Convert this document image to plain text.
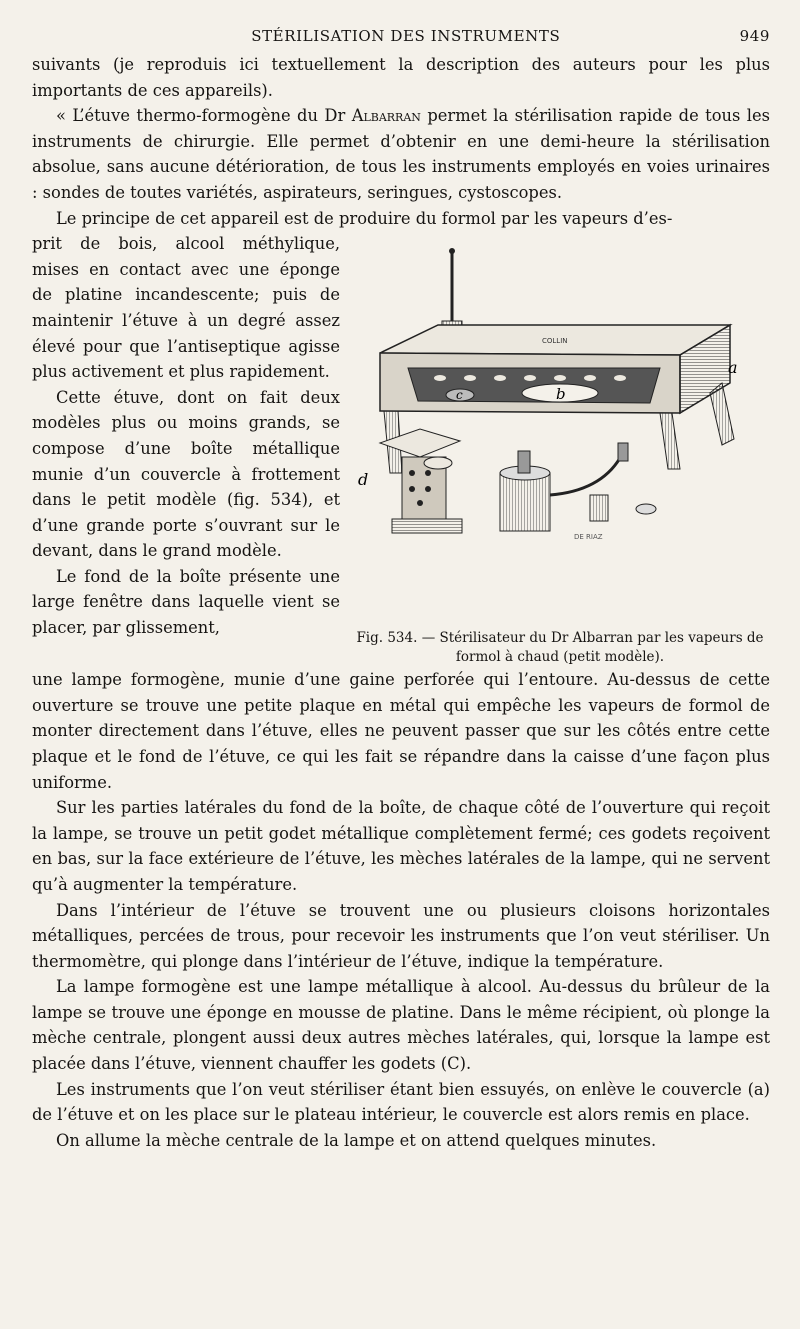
STÉRILISATION DES INSTRUMENTS	949

suivants (je reproduis ici textuellement la description des auteurs pour les plus importants de ces appareils).

« L’étuve thermo-formogène du Dr Albarran permet la stérilisation rapide de tous les instruments de chirurgie. Elle permet d’obtenir en une demi-heure la stérilisation absolue, sans aucune détérioration, de tous les instruments employés en voies urinaires : sondes de toutes variétés, aspirateurs, seringues, cystoscopes.

Le principe de cet appareil est de produire du formol par les vapeurs d’es-

prit de bois, alcool méthylique, mises en contact avec une éponge de platine incandescente; puis de maintenir l’étuve à un degré assez élevé pour que l’antiseptique agisse plus activement et plus rapidement.

Cette étuve, dont on fait deux modèles plus ou moins grands, se compose d’une boîte métallique munie d’un couvercle à frottement dans le petit modèle (fig. 534), et d’une grande porte s’ouvrant sur le devant, dans le grand modèle.

Le fond de la boîte présente une large fenêtre dans laquelle vient se placer, par glissement,

COLLIN
a
b
c
d
DE RIAZ
Fig. 534. — Stérilisateur du Dr Albarran par les vapeurs de formol à chaud (petit modèle).

une lampe formogène, munie d’une gaine perforée qui l’entoure. Au-dessus de cette ouverture se trouve une petite plaque en métal qui empêche les vapeurs de formol de monter directement dans l’étuve, elles ne peuvent passer que sur les côtés entre cette plaque et le fond de l’étuve, ce qui les fait se répandre dans la caisse d’une façon plus uniforme.

Sur les parties latérales du fond de la boîte, de chaque côté de l’ouverture qui reçoit la lampe, se trouve un petit godet métallique complètement fermé; ces godets reçoivent en bas, sur la face extérieure de l’étuve, les mèches latérales de la lampe, qui ne servent qu’à augmenter la température.

Dans l’intérieur de l’étuve se trouvent une ou plusieurs cloisons horizontales métalliques, percées de trous, pour recevoir les instruments que l’on veut stériliser. Un thermomètre, qui plonge dans l’intérieur de l’étuve, indique la température.

La lampe formogène est une lampe métallique à alcool. Au-dessus du brûleur de la lampe se trouve une éponge en mousse de platine. Dans le même récipient, où plonge la mèche centrale, plongent aussi deux autres mèches latérales, qui, lorsque la lampe est placée dans l’étuve, viennent chauffer les godets (C).

Les instruments que l’on veut stériliser étant bien essuyés, on enlève le couvercle (a) de l’étuve et on les place sur le plateau intérieur, le couvercle est alors remis en place.

On allume la mèche centrale de la lampe et on attend quelques minutes.
